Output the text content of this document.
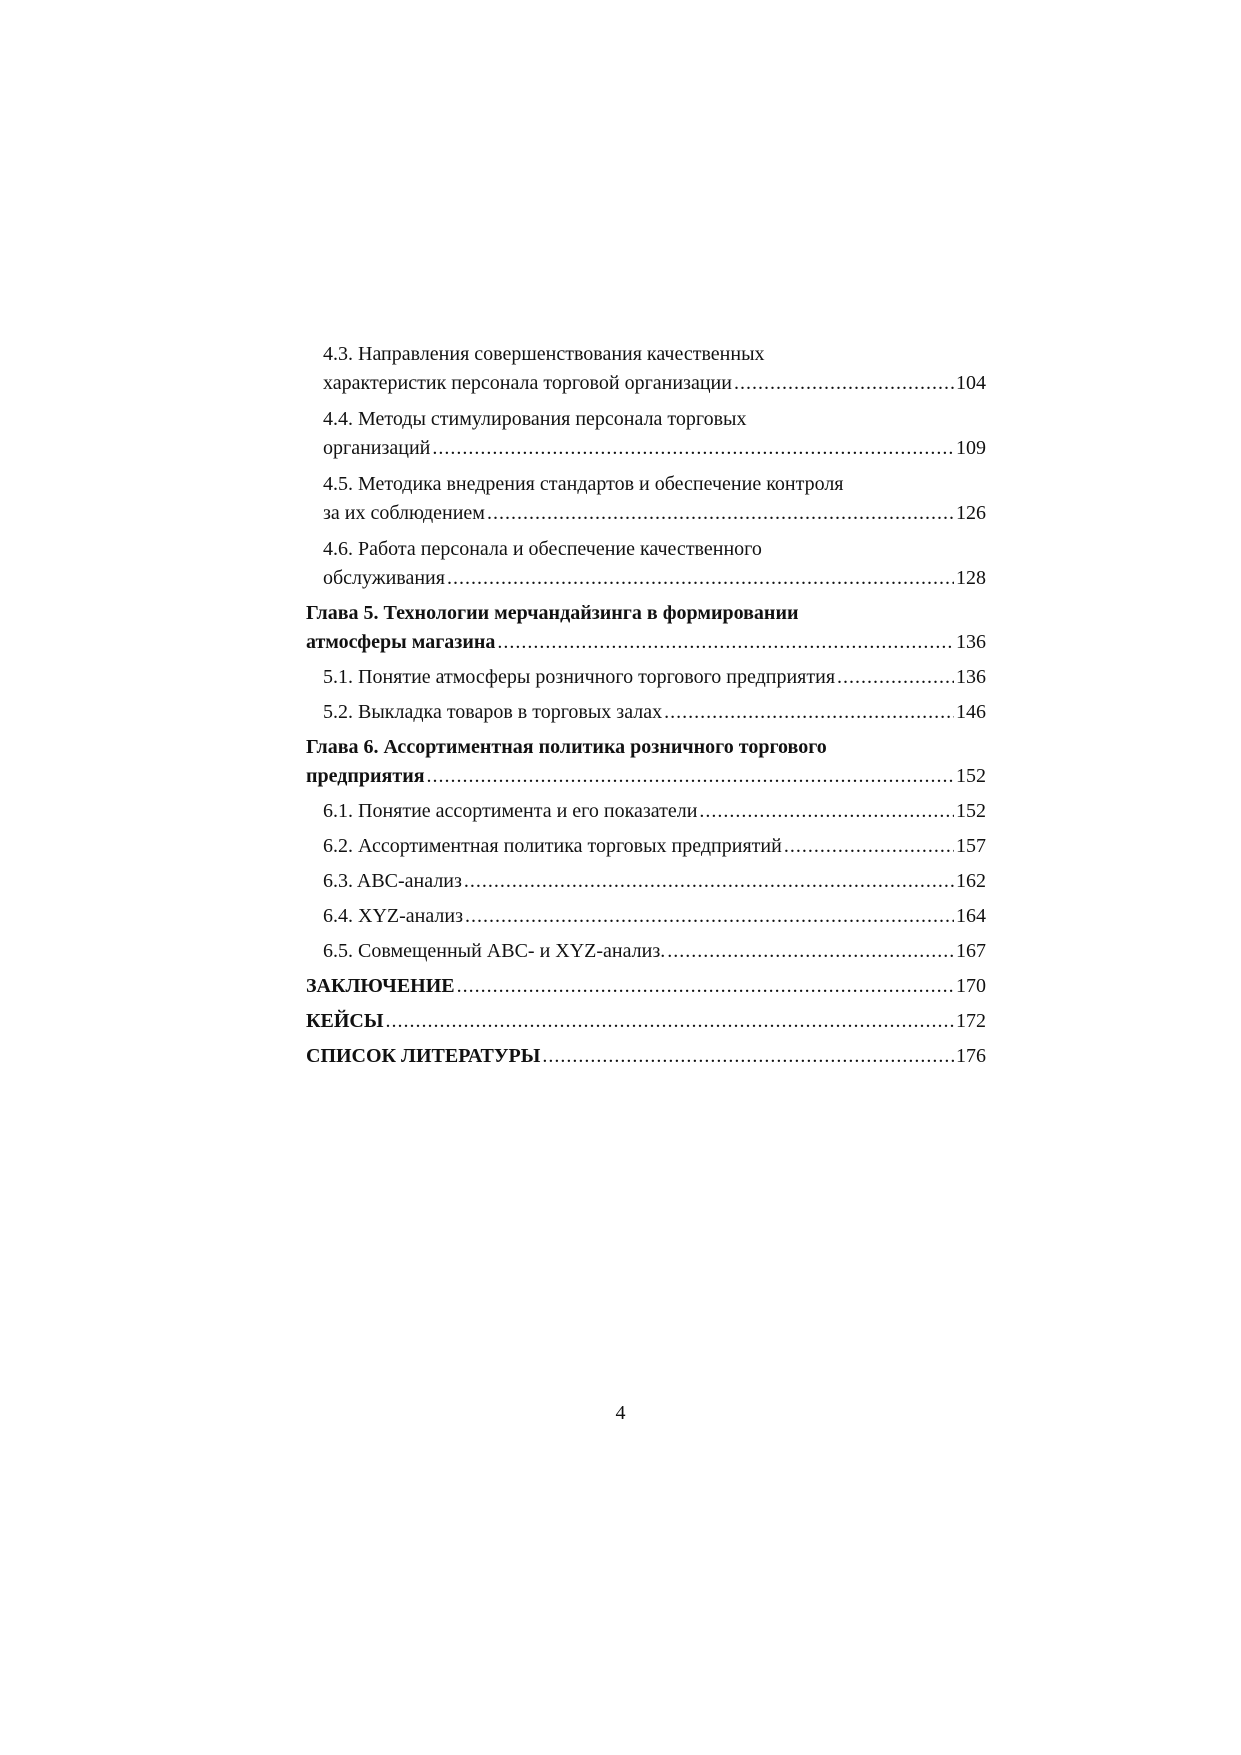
4.3. Направления совершенствования качественных
характеристик персонала торговой организации .....	104
4.4. Методы стимулирования персонала торговых
организаций .....	109
4.5. Методика внедрения стандартов и обеспечение контроля
за их соблюдением .....	126
4.6. Работа персонала и обеспечение качественного
обслуживания .....	128
Глава 5. Технологии мерчандайзинга в формировании
атмосферы магазина .....	136
5.1. Понятие атмосферы розничного торгового предприятия .....	136
5.2. Выкладка товаров в торговых залах .....	146
Глава 6. Ассортиментная политика розничного торгового
предприятия .....	152
6.1. Понятие ассортимента и его показатели .....	152
6.2. Ассортиментная политика торговых предприятий .....	157
6.3. ABC-анализ .....	162
6.4. XYZ-анализ .....	164
6.5. Совмещенный ABC- и XYZ-анализ. .....	167
ЗАКЛЮЧЕНИЕ .....	170
КЕЙСЫ .....	172
СПИСОК ЛИТЕРАТУРЫ .....	176
4
